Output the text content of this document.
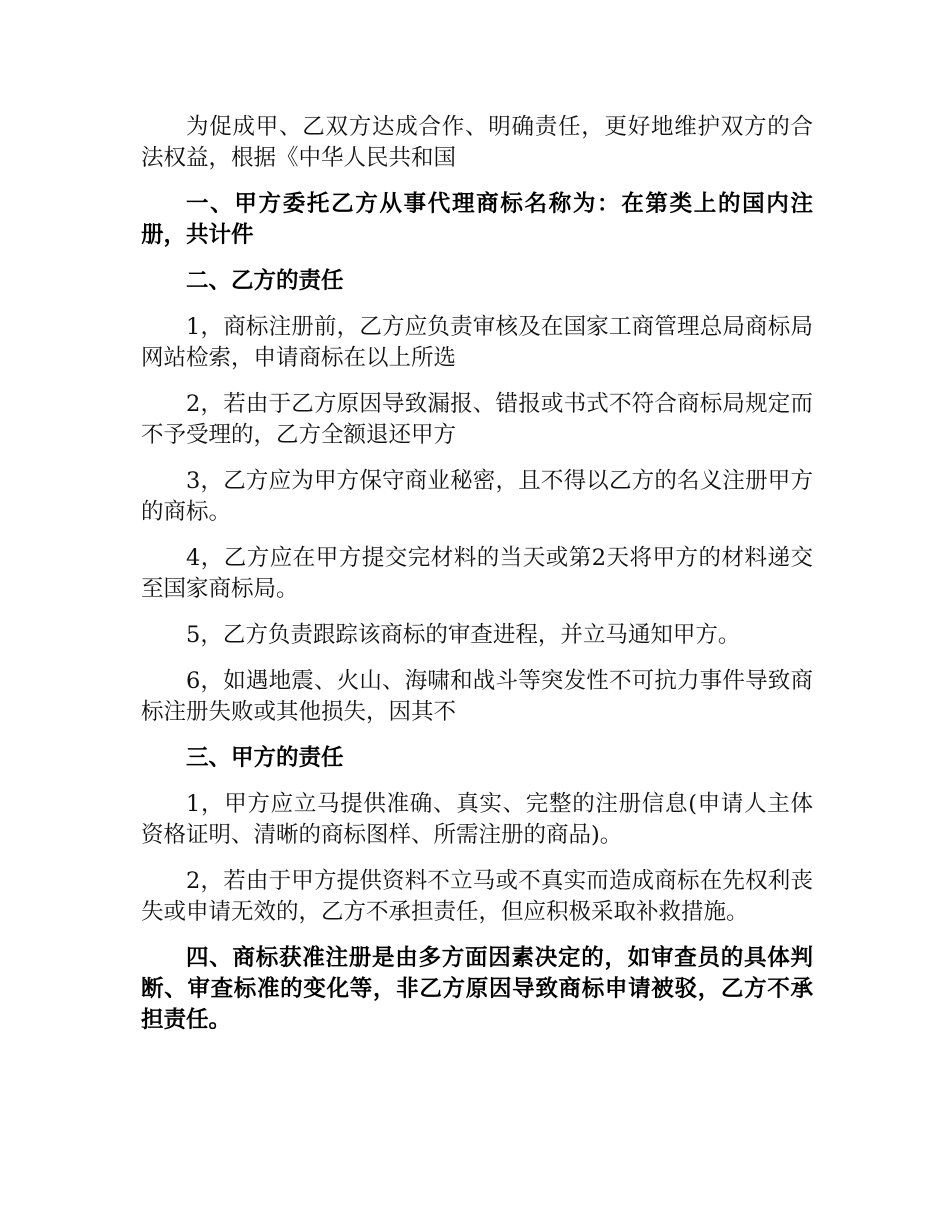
为促成甲、乙双方达成合作、明确责任，更好地维护双方的合法权益，根据《中华人民共和国

一、甲方委托乙方从事代理商标名称为：在第类上的国内注册，共计件

二、乙方的责任

1，商标注册前，乙方应负责审核及在国家工商管理总局商标局网站检索，申请商标在以上所选

2，若由于乙方原因导致漏报、错报或书式不符合商标局规定而不予受理的，乙方全额退还甲方

3，乙方应为甲方保守商业秘密，且不得以乙方的名义注册甲方的商标。

4，乙方应在甲方提交完材料的当天或第2天将甲方的材料递交至国家商标局。

5，乙方负责跟踪该商标的审查进程，并立马通知甲方。

6，如遇地震、火山、海啸和战斗等突发性不可抗力事件导致商标注册失败或其他损失，因其不

三、甲方的责任

1，甲方应立马提供准确、真实、完整的注册信息(申请人主体资格证明、清晰的商标图样、所需注册的商品)。

2，若由于甲方提供资料不立马或不真实而造成商标在先权利丧失或申请无效的，乙方不承担责任，但应积极采取补救措施。

四、商标获准注册是由多方面因素决定的，如审查员的具体判断、审查标准的变化等，非乙方原因导致商标申请被驳，乙方不承担责任。
